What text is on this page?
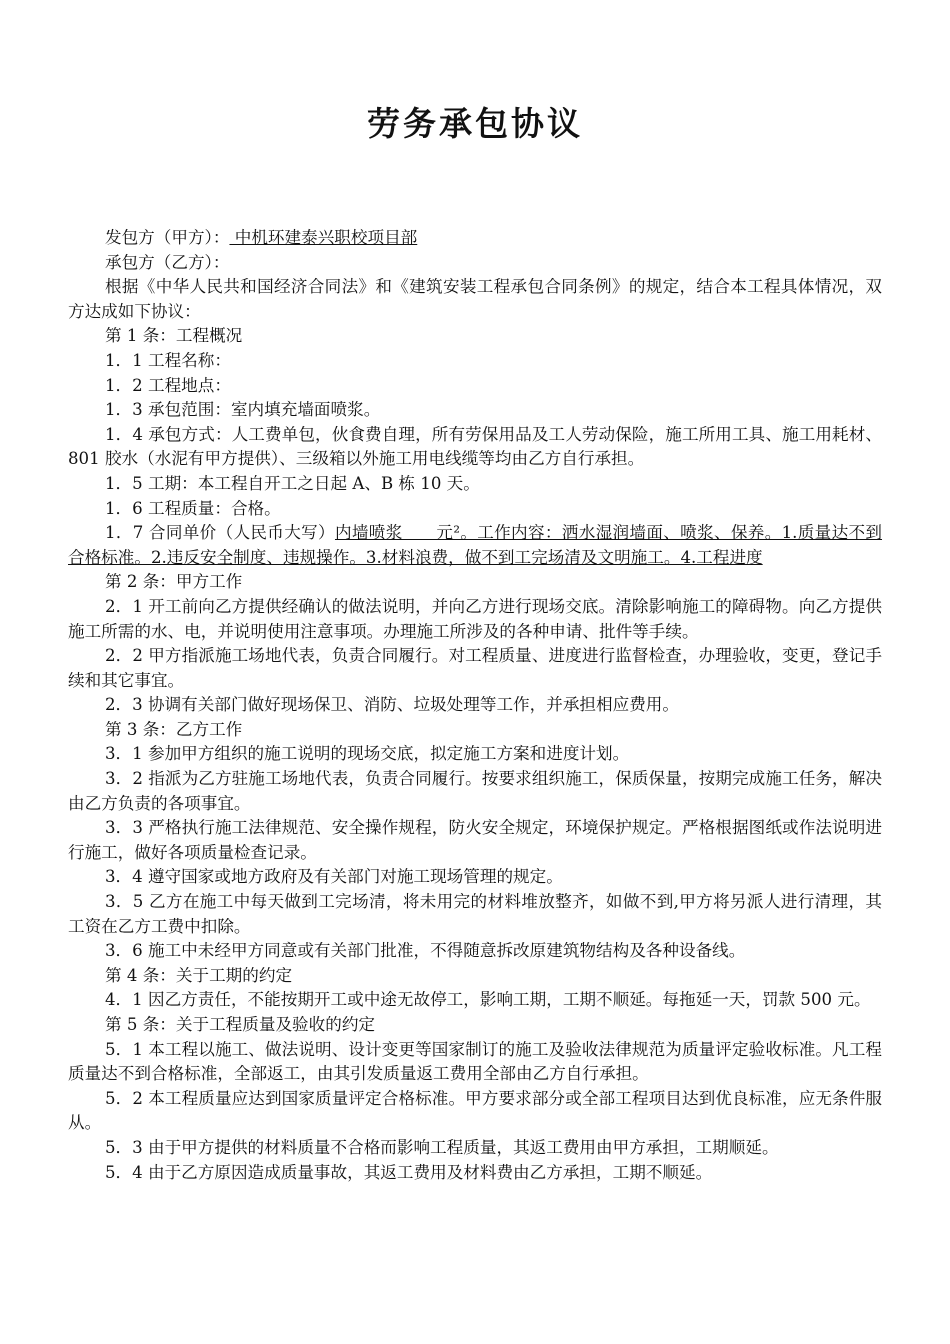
劳务承包协议

发包方（甲方）： 中机环建泰兴职校项目部

承包方（乙方）：

根据《中华人民共和国经济合同法》和《建筑安装工程承包合同条例》的规定，结合本工程具体情况，双方达成如下协议：

第 1 条：工程概况

1．1 工程名称：

1．2 工程地点：

1．3 承包范围：室内填充墙面喷浆。

1．4 承包方式：人工费单包，伙食费自理，所有劳保用品及工人劳动保险，施工所用工具、施工用耗材、801 胶水（水泥有甲方提供）、三级箱以外施工用电线缆等均由乙方自行承担。

1．5 工期：本工程自开工之日起 A、B 栋 10 天。

1．6 工程质量：合格。

1．7 合同单价（人民币大写）内墙喷浆　　元²。工作内容：洒水湿润墙面、喷浆、保养。1.质量达不到合格标准。2.违反安全制度、违规操作。3.材料浪费，做不到工完场清及文明施工。4.工程进度

第 2 条：甲方工作

2．1 开工前向乙方提供经确认的做法说明，并向乙方进行现场交底。清除影响施工的障碍物。向乙方提供施工所需的水、电，并说明使用注意事项。办理施工所涉及的各种申请、批件等手续。

2．2 甲方指派施工场地代表，负责合同履行。对工程质量、进度进行监督检查，办理验收，变更，登记手续和其它事宜。

2．3 协调有关部门做好现场保卫、消防、垃圾处理等工作，并承担相应费用。

第 3 条：乙方工作

3．1 参加甲方组织的施工说明的现场交底，拟定施工方案和进度计划。

3．2 指派为乙方驻施工场地代表，负责合同履行。按要求组织施工，保质保量，按期完成施工任务，解决由乙方负责的各项事宜。

3．3 严格执行施工法律规范、安全操作规程，防火安全规定，环境保护规定。严格根据图纸或作法说明进行施工，做好各项质量检查记录。

3．4 遵守国家或地方政府及有关部门对施工现场管理的规定。

3．5 乙方在施工中每天做到工完场清，将未用完的材料堆放整齐，如做不到,甲方将另派人进行清理，其工资在乙方工费中扣除。

3．6 施工中未经甲方同意或有关部门批准，不得随意拆改原建筑物结构及各种设备线。

第 4 条：关于工期的约定

4．1 因乙方责任，不能按期开工或中途无故停工，影响工期，工期不顺延。每拖延一天，罚款 500 元。

第 5 条：关于工程质量及验收的约定

5．1 本工程以施工、做法说明、设计变更等国家制订的施工及验收法律规范为质量评定验收标准。凡工程质量达不到合格标准，全部返工，由其引发质量返工费用全部由乙方自行承担。

5．2 本工程质量应达到国家质量评定合格标准。甲方要求部分或全部工程项目达到优良标准，应无条件服从。

5．3 由于甲方提供的材料质量不合格而影响工程质量，其返工费用由甲方承担，工期顺延。

5．4 由于乙方原因造成质量事故，其返工费用及材料费由乙方承担，工期不顺延。
